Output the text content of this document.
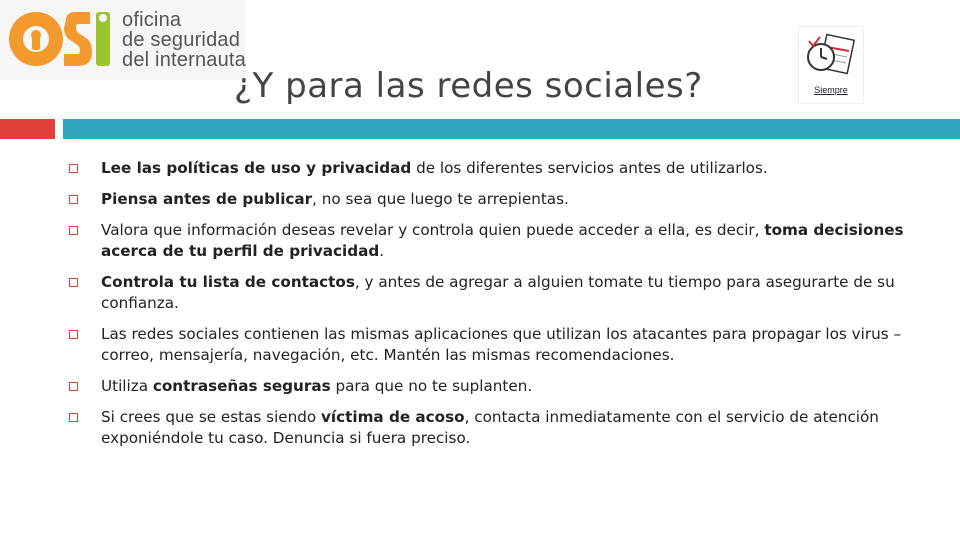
oficina
de seguridad
del internauta
¿Y para las redes sociales?	Siempre
Lee las políticas de uso y privacidad de los diferentes servicios antes de utilizarlos.
Piensa antes de publicar, no sea que luego te arrepientas.
Valora que información deseas revelar y controla quien puede acceder a ella, es decir, toma decisiones acerca de tu perfil de privacidad.
Controla tu lista de contactos, y antes de agregar a alguien tomate tu tiempo para asegurarte de su confianza.
Las redes sociales contienen las mismas aplicaciones que utilizan los atacantes para propagar los virus –correo, mensajería, navegación, etc. Mantén las mismas recomendaciones.
Utiliza contraseñas seguras para que no te suplanten.
Si crees que se estas siendo víctima de acoso, contacta inmediatamente con el servicio de atención exponiéndole tu caso. Denuncia si fuera preciso.
